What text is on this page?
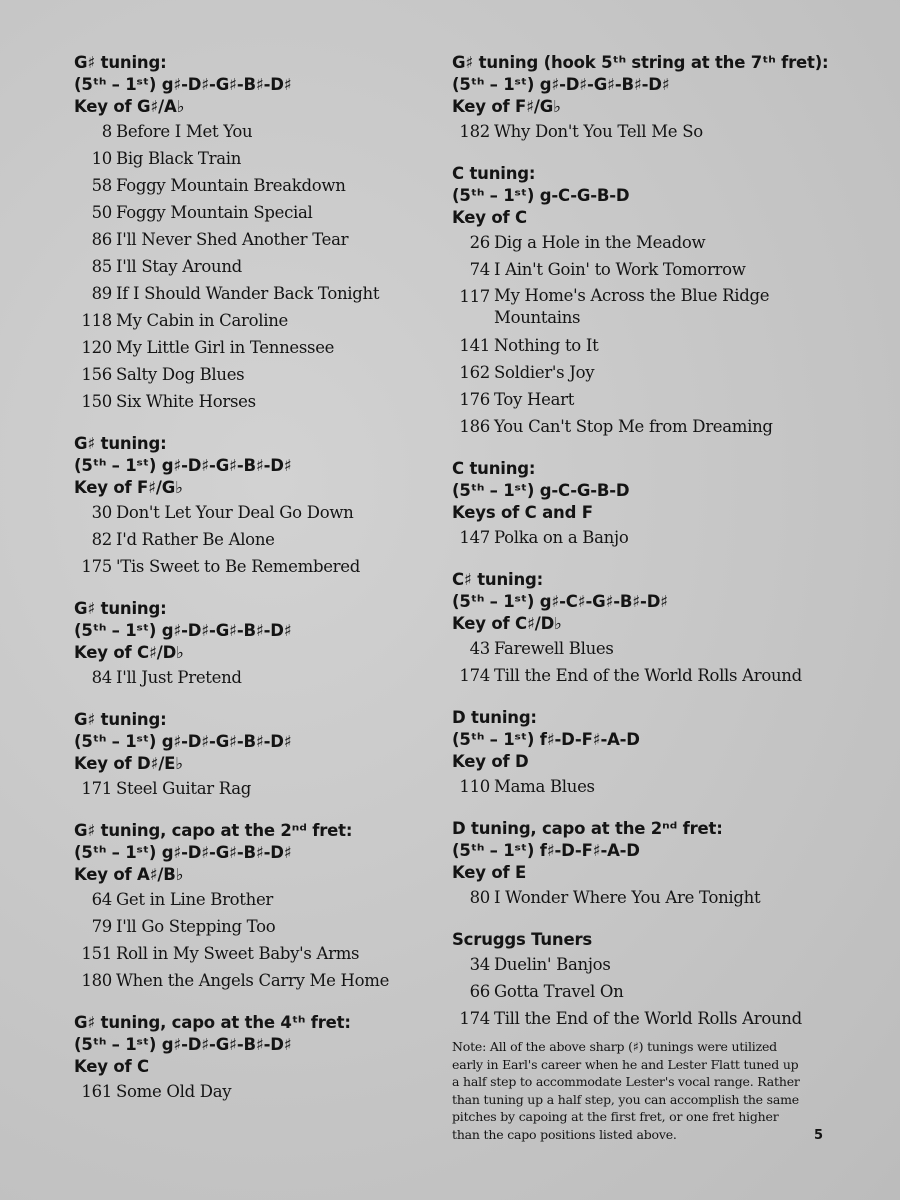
G♯ tuning:
(5ᵗʰ – 1ˢᵗ) g♯-D♯-G♯-B♯-D♯
Key of G♯/A♭
8 Before I Met You
10 Big Black Train
58 Foggy Mountain Breakdown
50 Foggy Mountain Special
86 I'll Never Shed Another Tear
85 I'll Stay Around
89 If I Should Wander Back Tonight
118 My Cabin in Caroline
120 My Little Girl in Tennessee
156 Salty Dog Blues
150 Six White Horses
G♯ tuning:
(5ᵗʰ – 1ˢᵗ) g♯-D♯-G♯-B♯-D♯
Key of F♯/G♭
30 Don't Let Your Deal Go Down
82 I'd Rather Be Alone
175 'Tis Sweet to Be Remembered
G♯ tuning:
(5ᵗʰ – 1ˢᵗ) g♯-D♯-G♯-B♯-D♯
Key of C♯/D♭
84 I'll Just Pretend
G♯ tuning:
(5ᵗʰ – 1ˢᵗ) g♯-D♯-G♯-B♯-D♯
Key of D♯/E♭
171 Steel Guitar Rag
G♯ tuning, capo at the 2ⁿᵈ fret:
(5ᵗʰ – 1ˢᵗ) g♯-D♯-G♯-B♯-D♯
Key of A♯/B♭
64 Get in Line Brother
79 I'll Go Stepping Too
151 Roll in My Sweet Baby's Arms
180 When the Angels Carry Me Home
G♯ tuning, capo at the 4ᵗʰ fret:
(5ᵗʰ – 1ˢᵗ) g♯-D♯-G♯-B♯-D♯
Key of C
161 Some Old Day
G♯ tuning (hook 5ᵗʰ string at the 7ᵗʰ fret):
(5ᵗʰ – 1ˢᵗ) g♯-D♯-G♯-B♯-D♯
Key of F♯/G♭
182 Why Don't You Tell Me So
C tuning:
(5ᵗʰ – 1ˢᵗ) g-C-G-B-D
Key of C
26 Dig a Hole in the Meadow
74 I Ain't Goin' to Work Tomorrow
117 My Home's Across the Blue Ridge Mountains
141 Nothing to It
162 Soldier's Joy
176 Toy Heart
186 You Can't Stop Me from Dreaming
C tuning:
(5ᵗʰ – 1ˢᵗ) g-C-G-B-D
Keys of C and F
147 Polka on a Banjo
C♯ tuning:
(5ᵗʰ – 1ˢᵗ) g♯-C♯-G♯-B♯-D♯
Key of C♯/D♭
43 Farewell Blues
174 Till the End of the World Rolls Around
D tuning:
(5ᵗʰ – 1ˢᵗ) f♯-D-F♯-A-D
Key of D
110 Mama Blues
D tuning, capo at the 2ⁿᵈ fret:
(5ᵗʰ – 1ˢᵗ) f♯-D-F♯-A-D
Key of E
80 I Wonder Where You Are Tonight
Scruggs Tuners
34 Duelin' Banjos
66 Gotta Travel On
174 Till the End of the World Rolls Around
Note: All of the above sharp (♯) tunings were utilized early in Earl's career when he and Lester Flatt tuned up a half step to accommodate Lester's vocal range. Rather than tuning up a half step, you can accomplish the same pitches by capoing at the first fret, or one fret higher than the capo positions listed above.	5
